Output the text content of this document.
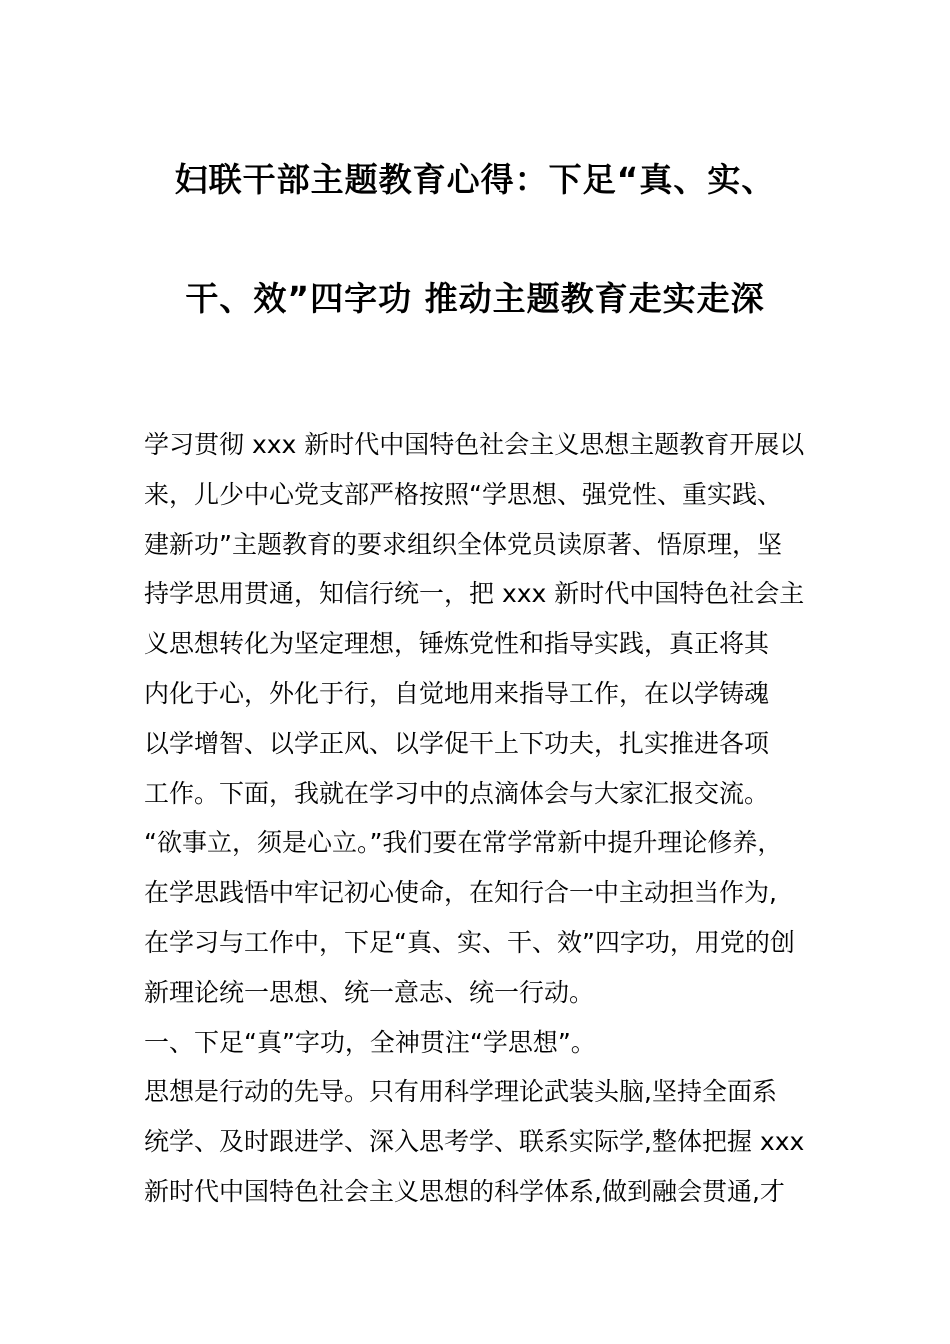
妇联干部主题教育心得：下足“真、实、
干、效”四字功 推动主题教育走实走深
学习贯彻 xxx 新时代中国特色社会主义思想主题教育开展以
来，儿少中心党支部严格按照“学思想、强党性、重实践、
建新功”主题教育的要求组织全体党员读原著、悟原理，坚
持学思用贯通，知信行统一，把 xxx 新时代中国特色社会主
义思想转化为坚定理想，锤炼党性和指导实践，真正将其
内化于心，外化于行，自觉地用来指导工作，在以学铸魂
以学增智、以学正风、以学促干上下功夫，扎实推进各项
工作。下面，我就在学习中的点滴体会与大家汇报交流。
“欲事立，须是心立。”我们要在常学常新中提升理论修养，
在学思践悟中牢记初心使命，在知行合一中主动担当作为,
在学习与工作中，下足“真、实、干、效”四字功，用党的创
新理论统一思想、统一意志、统一行动。
一、下足“真”字功，全神贯注“学思想”。
思想是行动的先导。只有用科学理论武装头脑,坚持全面系
统学、及时跟进学、深入思考学、联系实际学,整体把握 xxx
新时代中国特色社会主义思想的科学体系,做到融会贯通,才
